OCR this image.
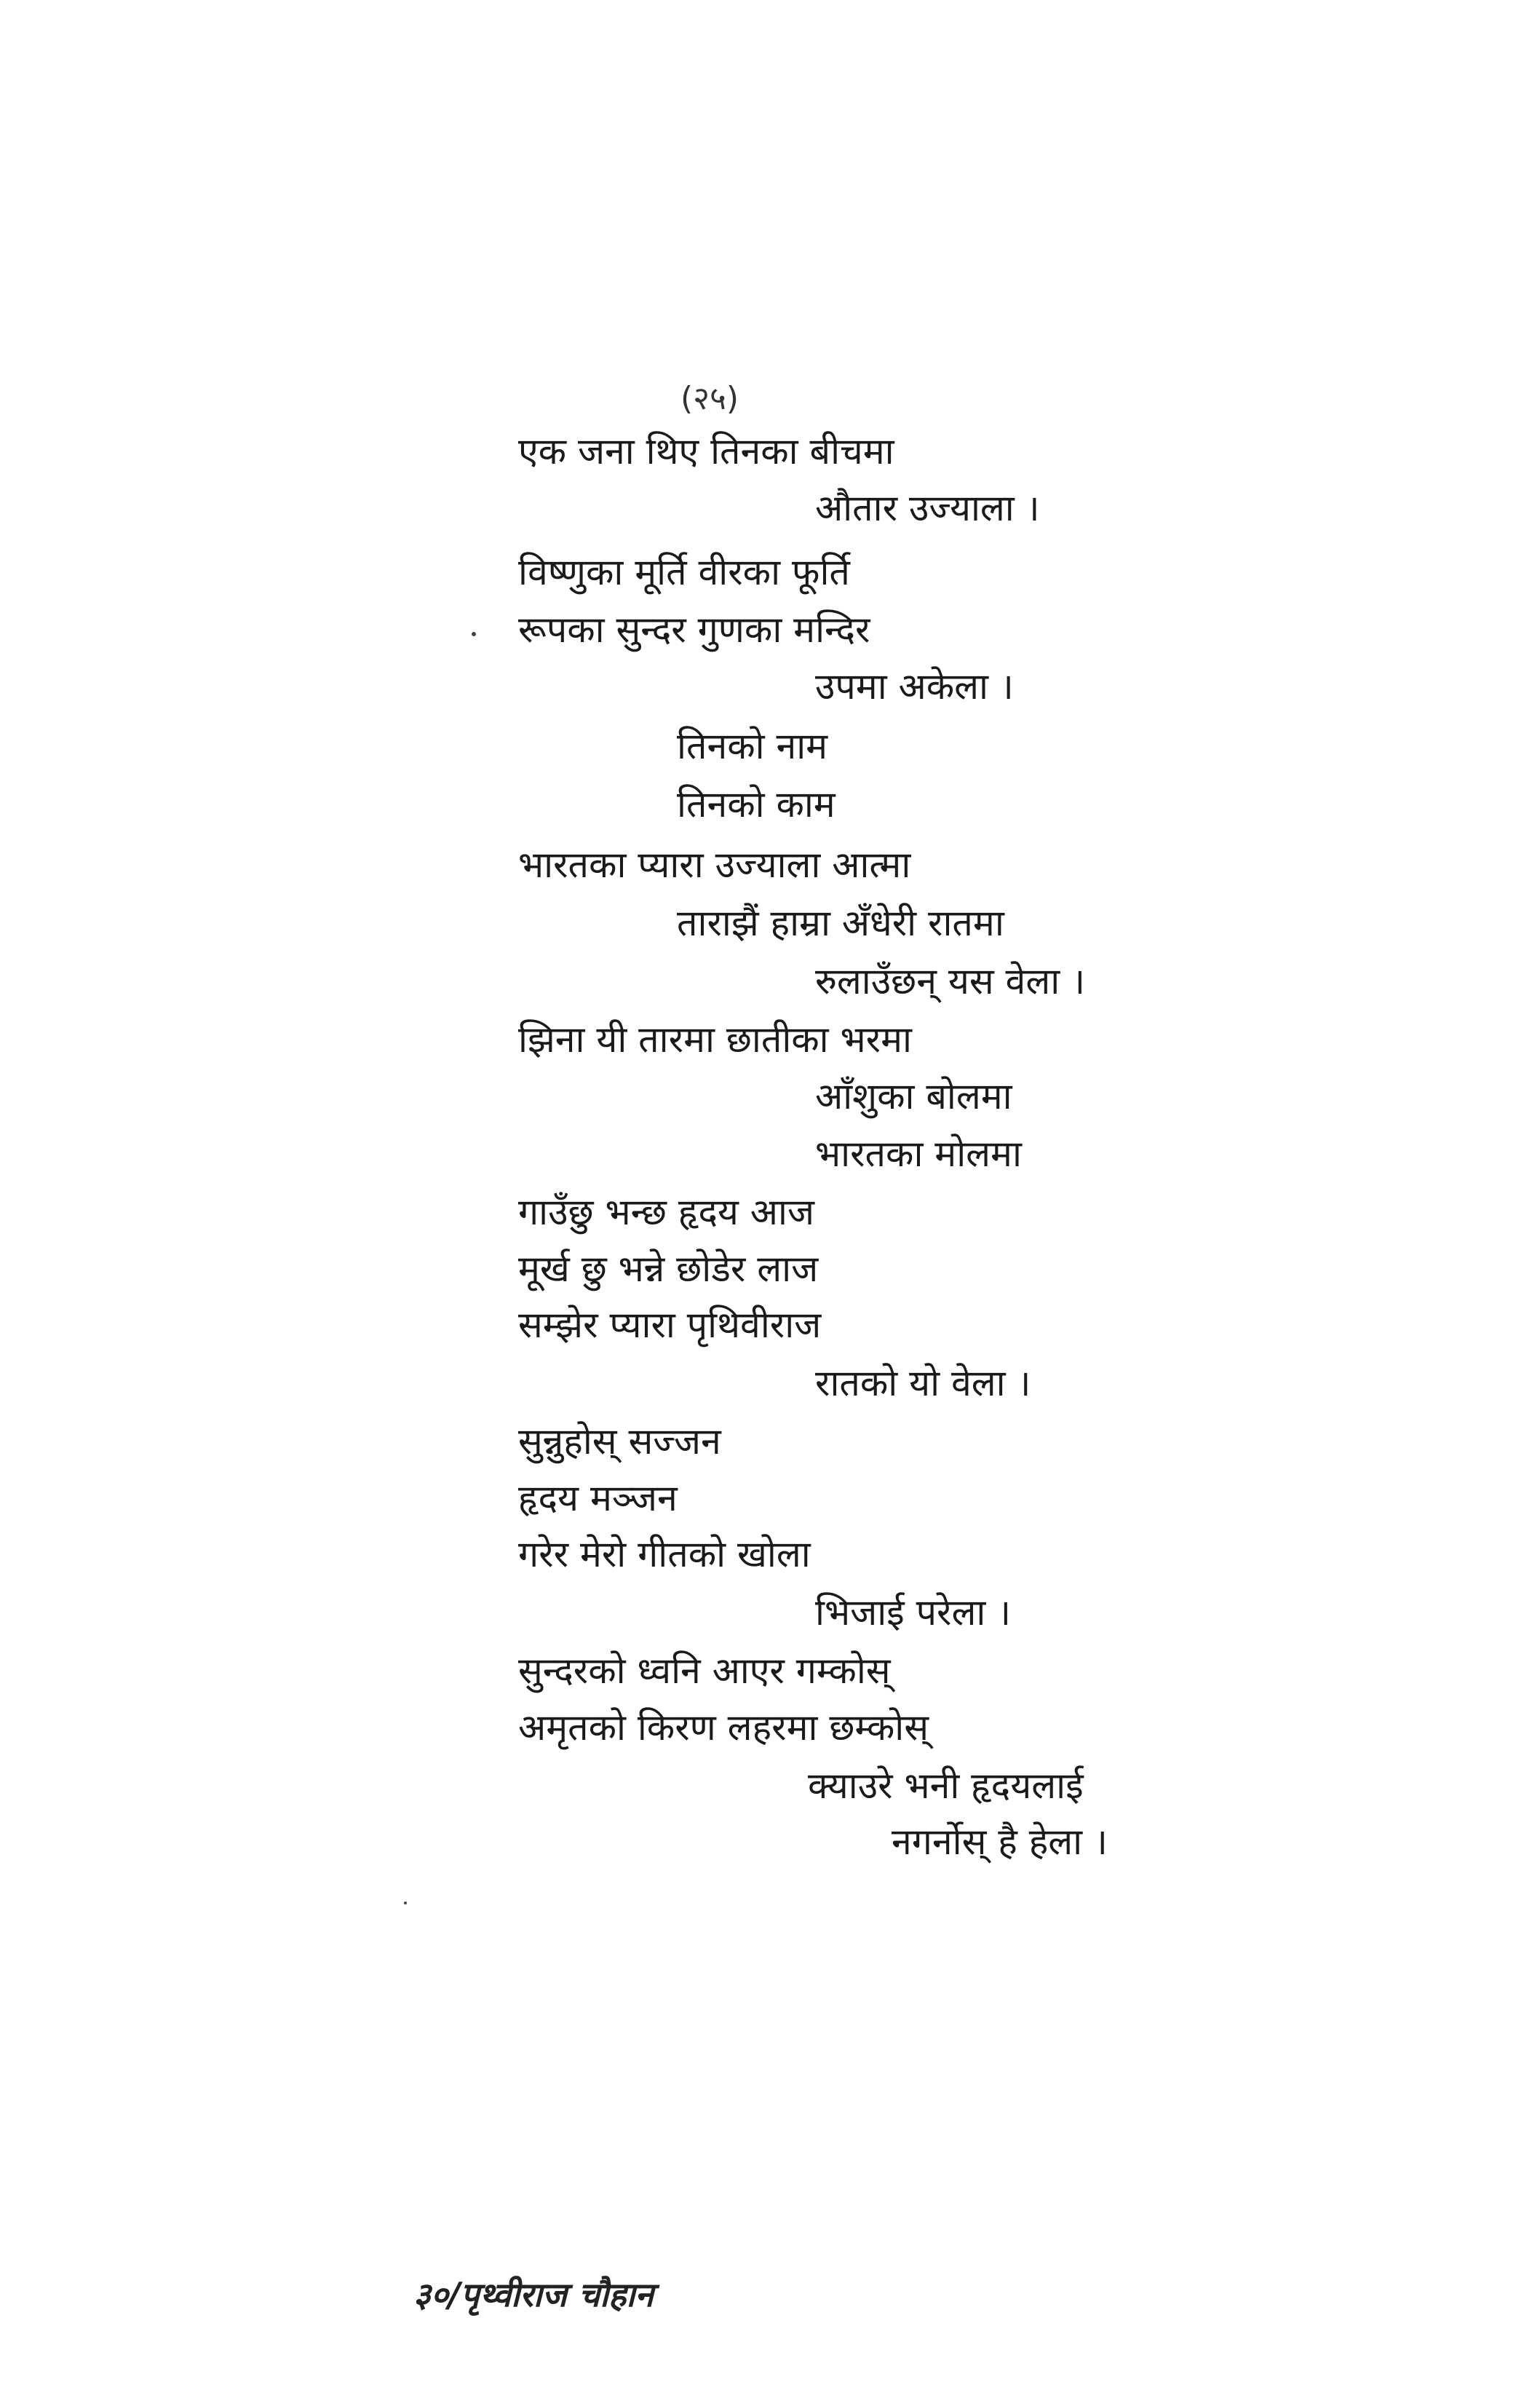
(२५)
एक जना थिए तिनका बीचमा
औतार उज्याला ।
विष्णुका मूर्ति वीरका फूर्ति
रूपका सुन्दर गुणका मन्दिर
उपमा अकेला ।
तिनको नाम
तिनको काम
भारतका प्यारा उज्याला आत्मा
ताराझैं हाम्रा अँधेरी रातमा
रुलाउँछन् यस वेला ।
झिना यी तारमा छातीका भरमा
आँशुका बोलमा
भारतका मोलमा
गाउँछु भन्छ हृदय आज
मूर्ख छु भन्ने छोडेर लाज
सम्झेर प्यारा पृथिवीराज
रातको यो वेला ।
सुन्नुहोस् सज्जन
हृदय मञ्जन
गरेर मेरो गीतको खोला
भिजाई परेला ।
सुन्दरको ध्वनि आएर गम्कोस्
अमृतको किरण लहरमा छम्कोस्
क्याउरे भनी हृदयलाई
नगर्नोस् है हेला ।
३०/पृथ्वीराज चौहान
